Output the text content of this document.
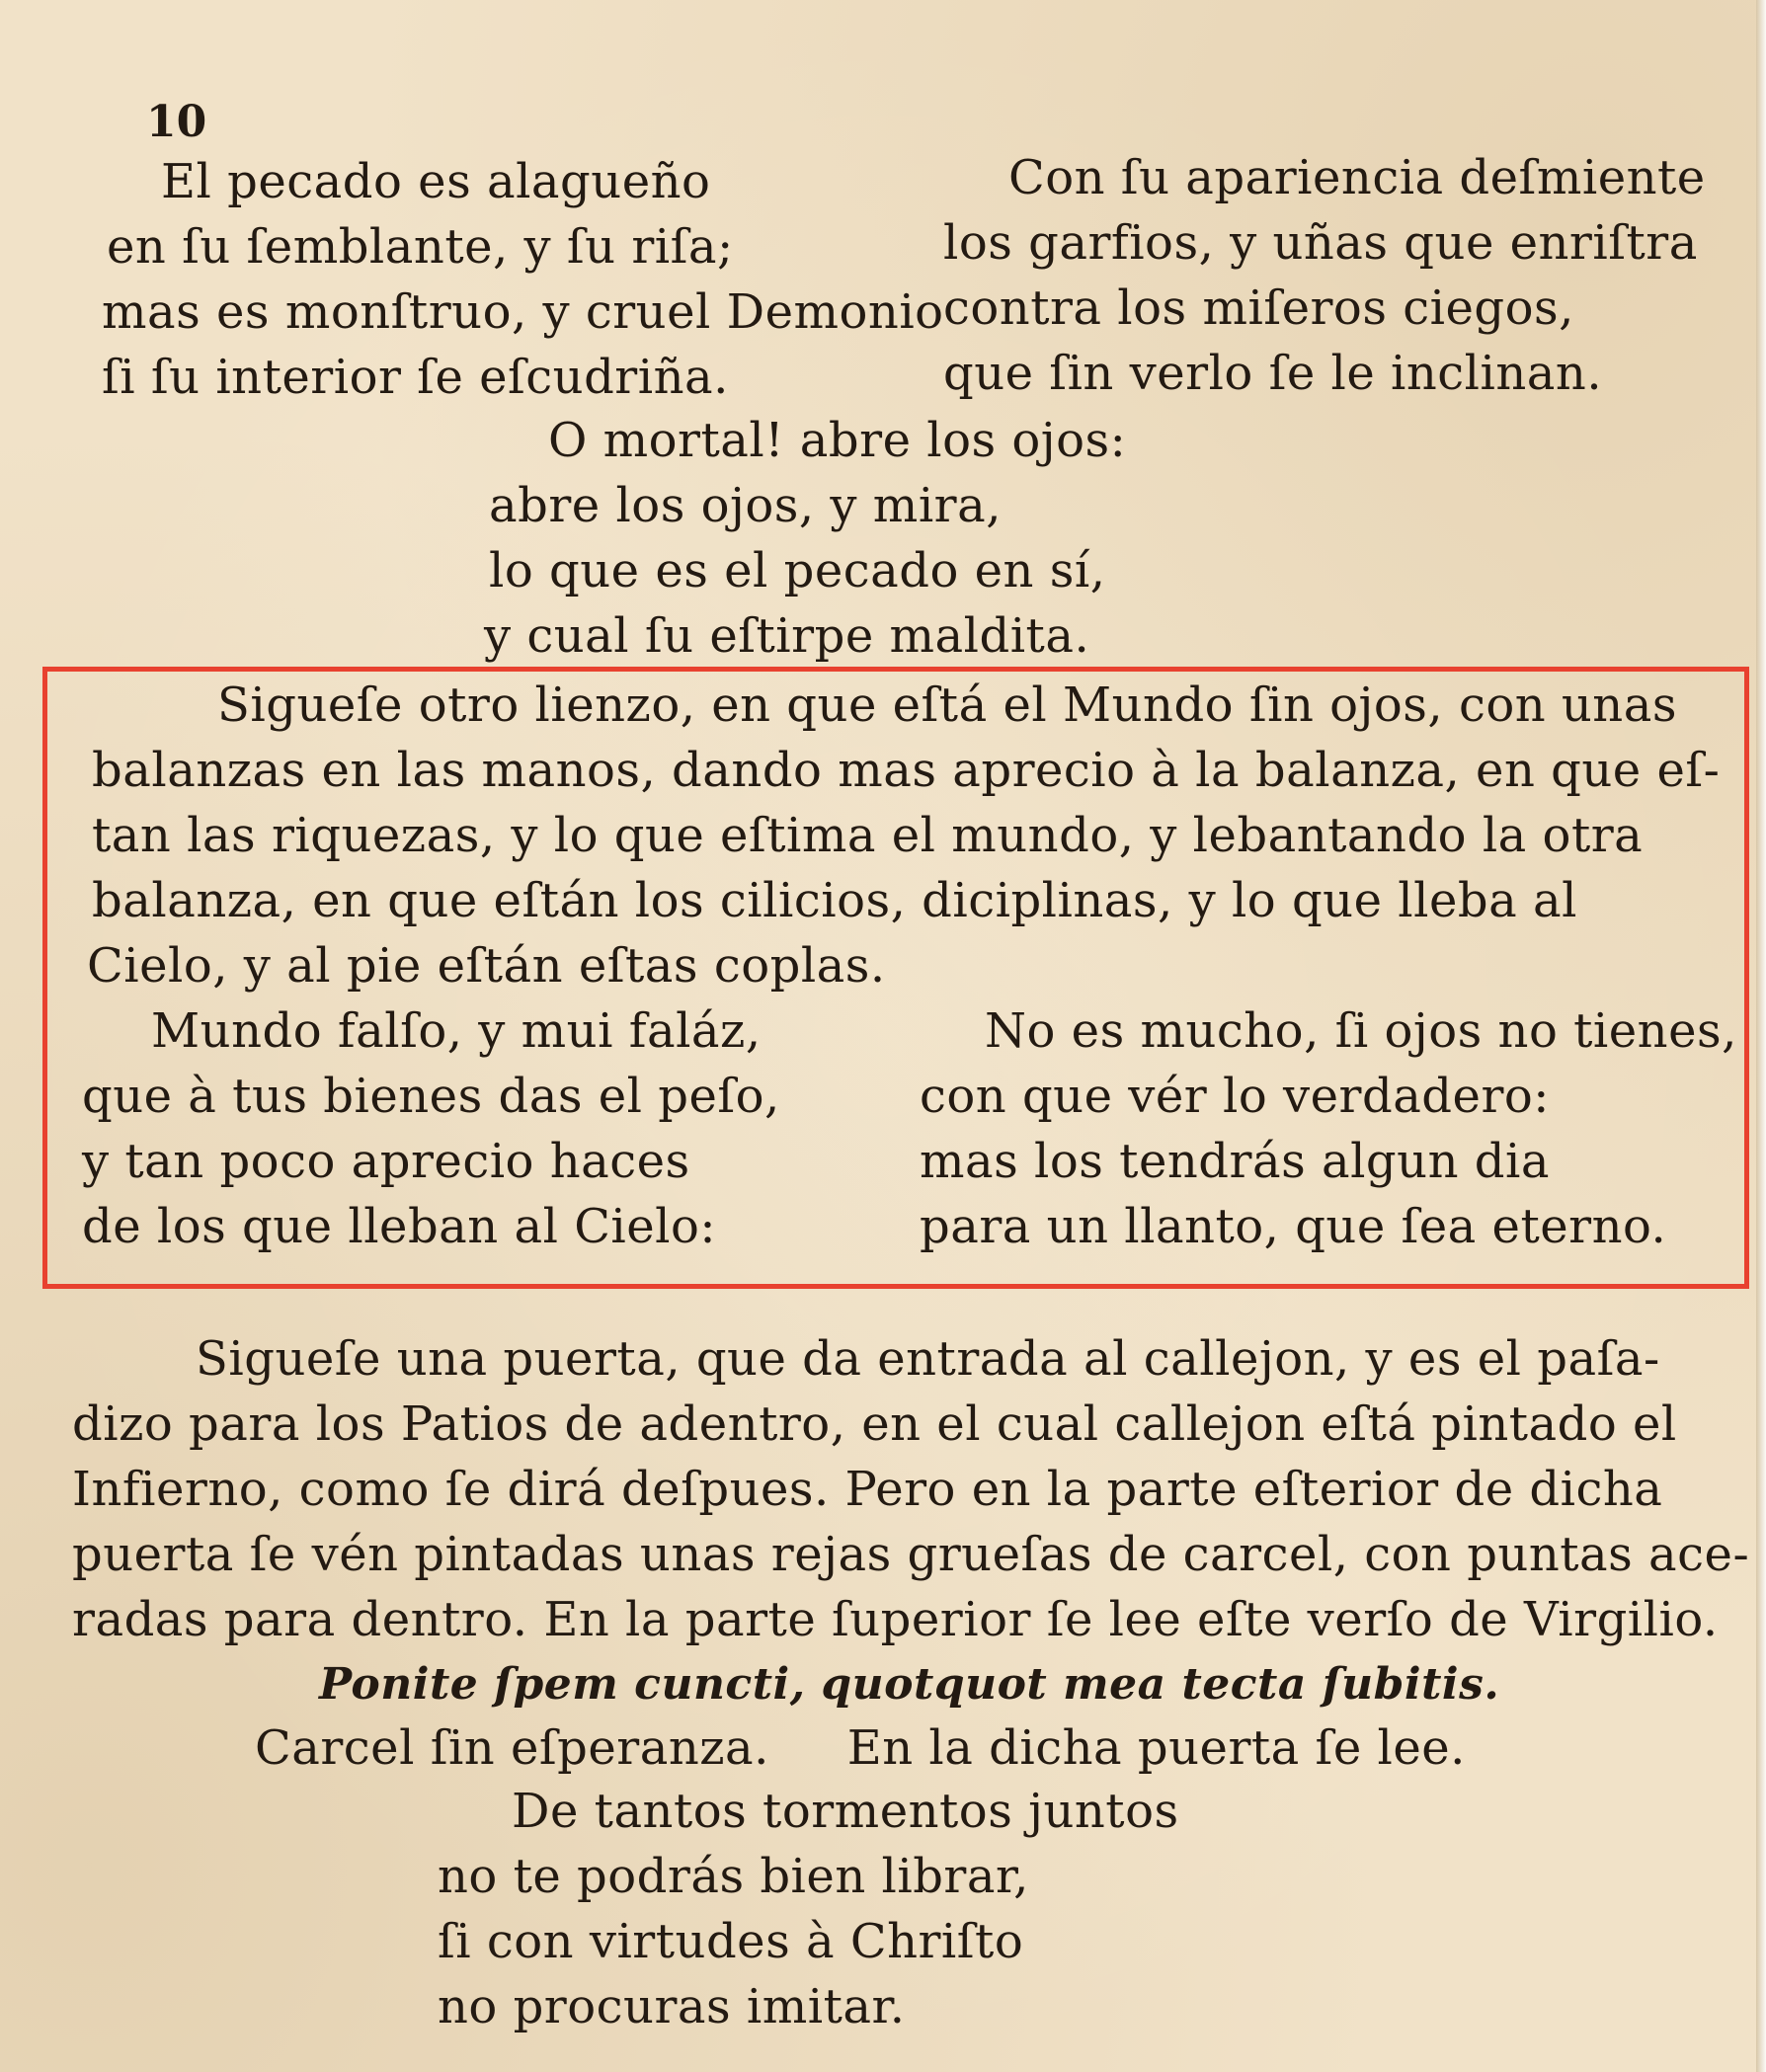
10
El pecado es alagueño
en ſu ſemblante, y ſu riſa;
mas es monſtruo, y cruel Demonio
ſi ſu interior ſe eſcudriña.
Con ſu apariencia deſmiente
los garfios, y uñas que enriſtra
contra los miſeros ciegos,
que ſin verlo ſe le inclinan.
O mortal! abre los ojos:
abre los ojos, y mira,
lo que es el pecado en sí,
y cual ſu eſtirpe maldita.
Sigueſe otro lienzo, en que eſtá el Mundo ſin ojos, con unas
balanzas en las manos, dando mas aprecio à la balanza, en que eſ-
tan las riquezas, y lo que eſtima el mundo, y lebantando la otra
balanza, en que eſtán los cilicios, diciplinas, y lo que lleba al
Cielo, y al pie eſtán eſtas coplas.
Mundo falſo, y mui faláz,
que à tus bienes das el peſo,
y tan poco aprecio haces
de los que lleban al Cielo:
No es mucho, ſi ojos no tienes,
con que vér lo verdadero:
mas los tendrás algun dia
para un llanto, que ſea eterno.
Siguеſe una puerta, que da entrada al callejon, y es el paſa-
dizo para los Patios de adentro, en el cual callejon eſtá pintado el
Infierno, como ſe dirá deſpues. Pero en la parte eſterior de dicha
puerta ſe vén pintadas unas rejas grueſas de carcel, con puntas ace-
radas para dentro. En la parte ſuperior ſe lee eſte verſo de Virgilio.
Ponite ſpem cuncti, quotquot mea tecta ſubitis.
Carcel ſin eſperanza.     En la dicha puerta ſe lee.
De tantos tormentos juntos
no te podrás bien librar,
ſi con virtudes à Chriſto
no procuras imitar.
